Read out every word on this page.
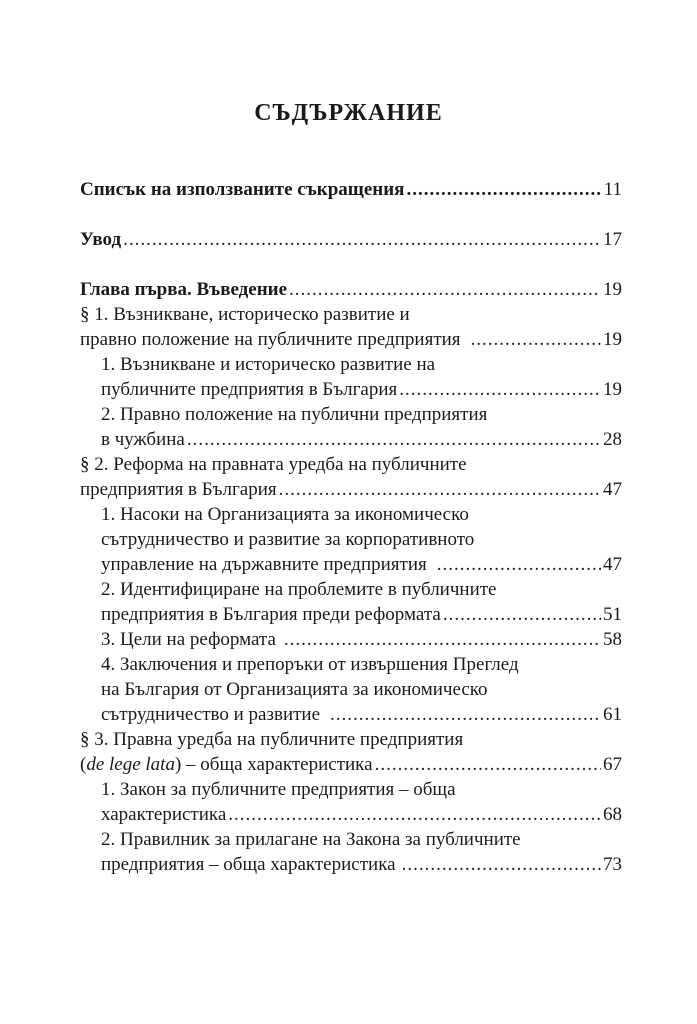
СЪДЪРЖАНИЕ
Списък на използваните съкращения .....	11
Увод .....	17
Глава първа. Въведение .....	19
§ 1. Възникване, историческо развитие и
правно положение на публичните предприятия .....	19
1. Възникване и историческо развитие на
публичните предприятия в България .....	19
2. Правно положение на публични предприятия
в чужбина .....	28
§ 2. Реформа на правната уредба на публичните
предприятия в България .....	47
1. Насоки на Организацията за икономическо
сътрудничество и развитие за корпоративното
управление на държавните предприятия .....	47
2. Идентифициране на проблемите в публичните
предприятия в България преди реформата .....	51
3. Цели на реформата .....	58
4. Заключения и препоръки от извършения Преглед
на България от Организацията за икономическо
сътрудничество и развитие .....	61
§ 3. Правна уредба на публичните предприятия
(de lege lata) – обща характеристика .....	67
1. Закон за публичните предприятия – обща
характеристика .....	68
2. Правилник за прилагане на Закона за публичните
предприятия – обща характеристика .....	73
